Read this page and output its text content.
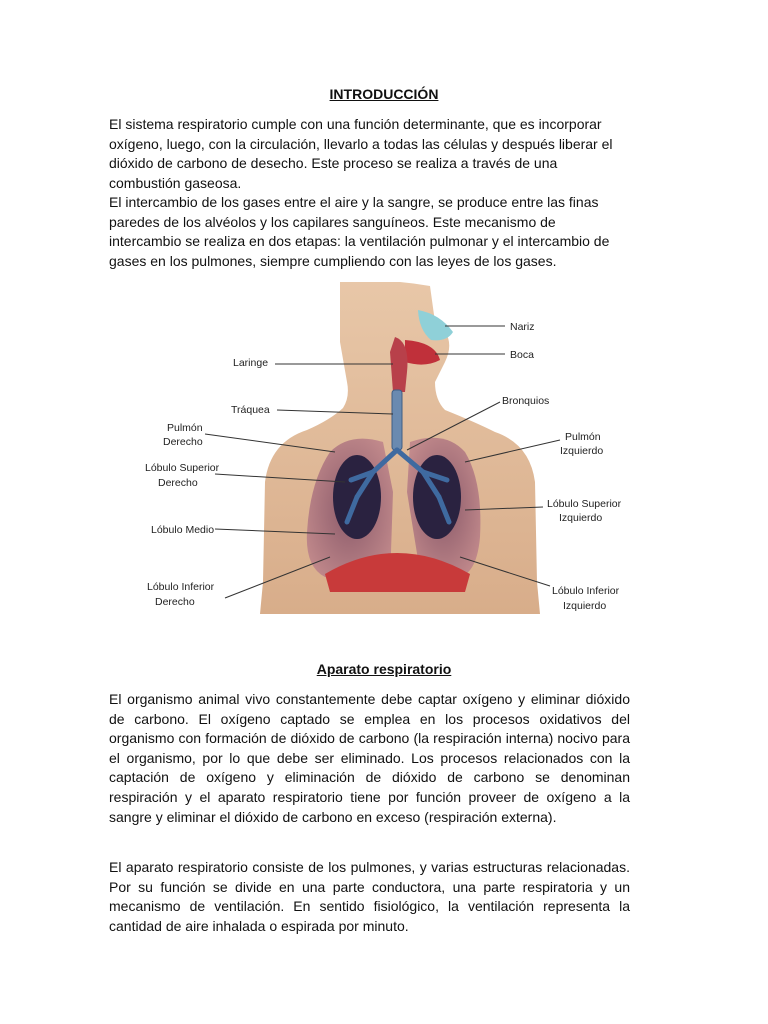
INTRODUCCIÓN

El sistema respiratorio cumple con una función determinante, que es incorporar oxígeno, luego, con la circulación, llevarlo a todas las células y después liberar el dióxido de carbono de desecho. Este proceso se realiza a través de una combustión gaseosa.

El intercambio de los gases entre el aire y la sangre, se produce entre las finas paredes de los alvéolos y los capilares sanguíneos. Este mecanismo de intercambio se realiza en dos etapas: la ventilación pulmonar y el intercambio de gases en los pulmones, siempre cumpliendo con las leyes de los gases.

Nariz
Boca
Laringe
Tráquea
Bronquios
Pulmón
Derecho	Pulmón
Izquierdo
Lóbulo Superior
Derecho
Lóbulo Superior
Izquierdo
Lóbulo Medio
Lóbulo Inferior
Derecho
Lóbulo Inferior
Izquierdo
Aparato respiratorio

El organismo animal vivo constantemente debe captar oxígeno y eliminar dióxido de carbono. El oxígeno captado se emplea en los procesos oxidativos del organismo con formación de dióxido de carbono (la respiración interna) nocivo para el organismo, por lo que debe ser eliminado. Los procesos relacionados con la captación de oxígeno y eliminación de dióxido de carbono se denominan respiración y el aparato respiratorio tiene por función proveer de oxígeno a la sangre y eliminar el dióxido de carbono en exceso (respiración externa).

El aparato respiratorio consiste de los pulmones, y varias estructuras relacionadas. Por su función se divide en una parte conductora, una parte respiratoria y un mecanismo de ventilación. En sentido fisiológico, la ventilación representa la cantidad de aire inhalada o espirada por minuto.
